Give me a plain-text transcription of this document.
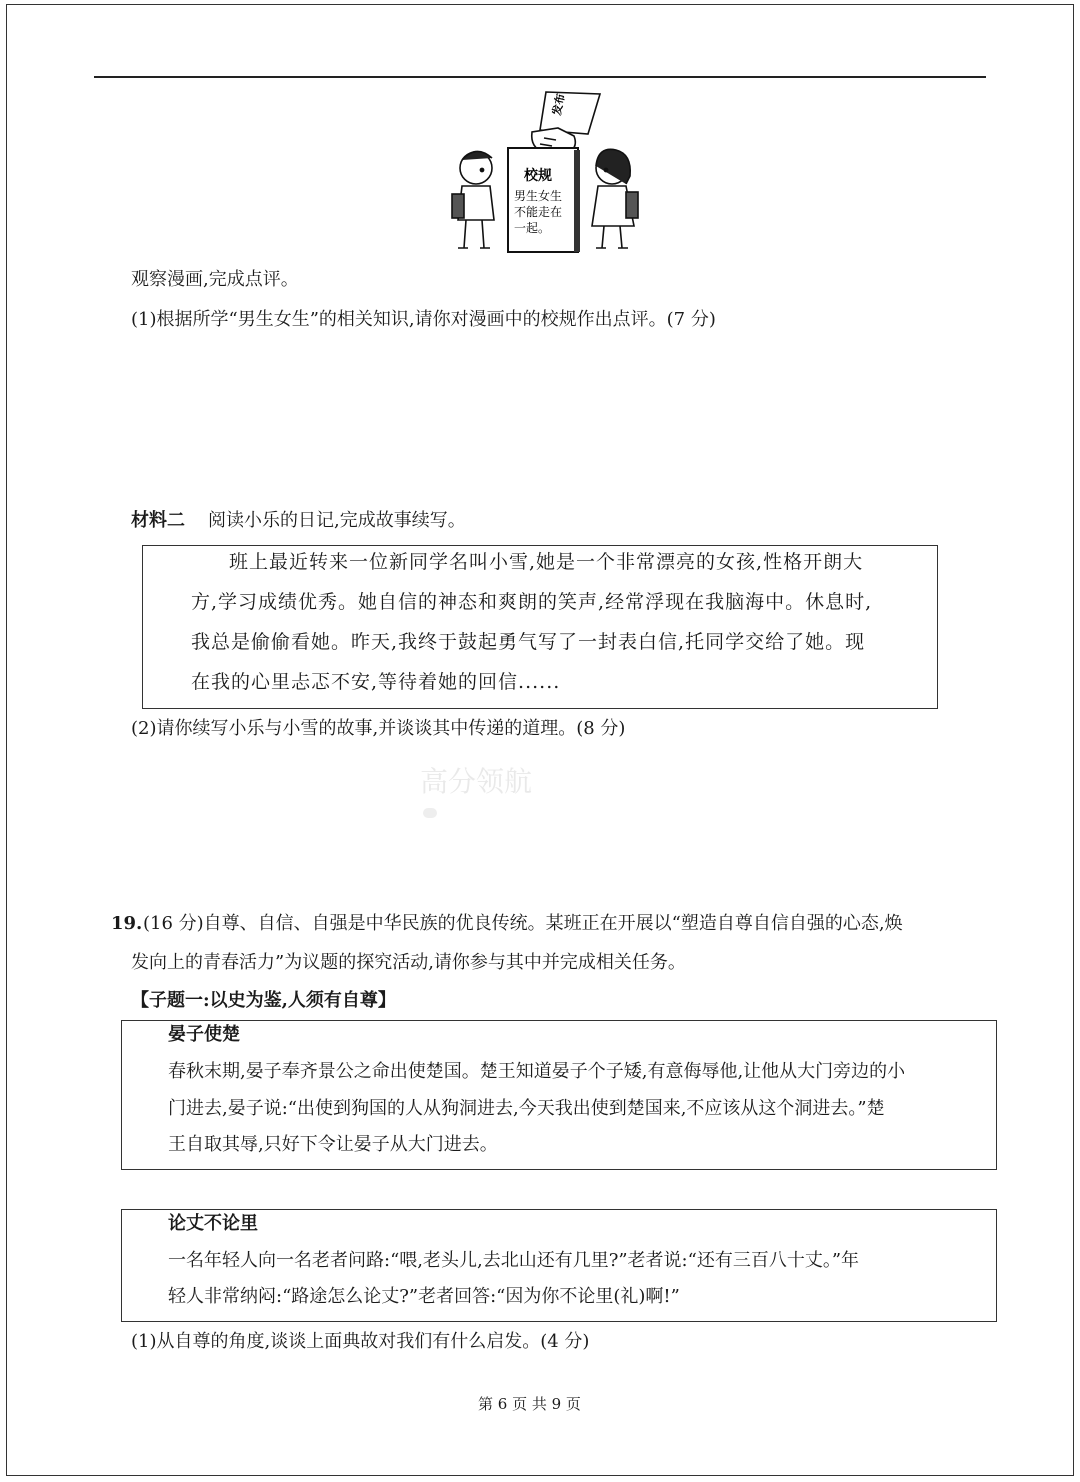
发布
校规
男生女生
不能走在
一起。
观察漫画,完成点评。
(1)根据所学“男生女生”的相关知识,请你对漫画中的校规作出点评。(7 分)
材料二 阅读小乐的日记,完成故事续写。
班上最近转来一位新同学名叫小雪,她是一个非常漂亮的女孩,性格开朗大
方,学习成绩优秀。她自信的神态和爽朗的笑声,经常浮现在我脑海中。休息时,
我总是偷偷看她。昨天,我终于鼓起勇气写了一封表白信,托同学交给了她。现
在我的心里忐忑不安,等待着她的回信......
(2)请你续写小乐与小雪的故事,并谈谈其中传递的道理。(8 分)
高分领航
19. (16 分)自尊、自信、自强是中华民族的优良传统。某班正在开展以“塑造自尊自信自强的心态,焕
发向上的青春活力”为议题的探究活动,请你参与其中并完成相关任务。
【子题一:以史为鉴,人须有自尊】
晏子使楚
春秋末期,晏子奉齐景公之命出使楚国。楚王知道晏子个子矮,有意侮辱他,让他从大门旁边的小
门进去,晏子说:“出使到狗国的人从狗洞进去,今天我出使到楚国来,不应该从这个洞进去。”楚
王自取其辱,只好下令让晏子从大门进去。
论丈不论里
一名年轻人向一名老者问路:“喂,老头儿,去北山还有几里?”老者说:“还有三百八十丈。”年
轻人非常纳闷:“路途怎么论丈?”老者回答:“因为你不论里(礼)啊!”
(1)从自尊的角度,谈谈上面典故对我们有什么启发。(4 分)
第 6 页 共 9 页
